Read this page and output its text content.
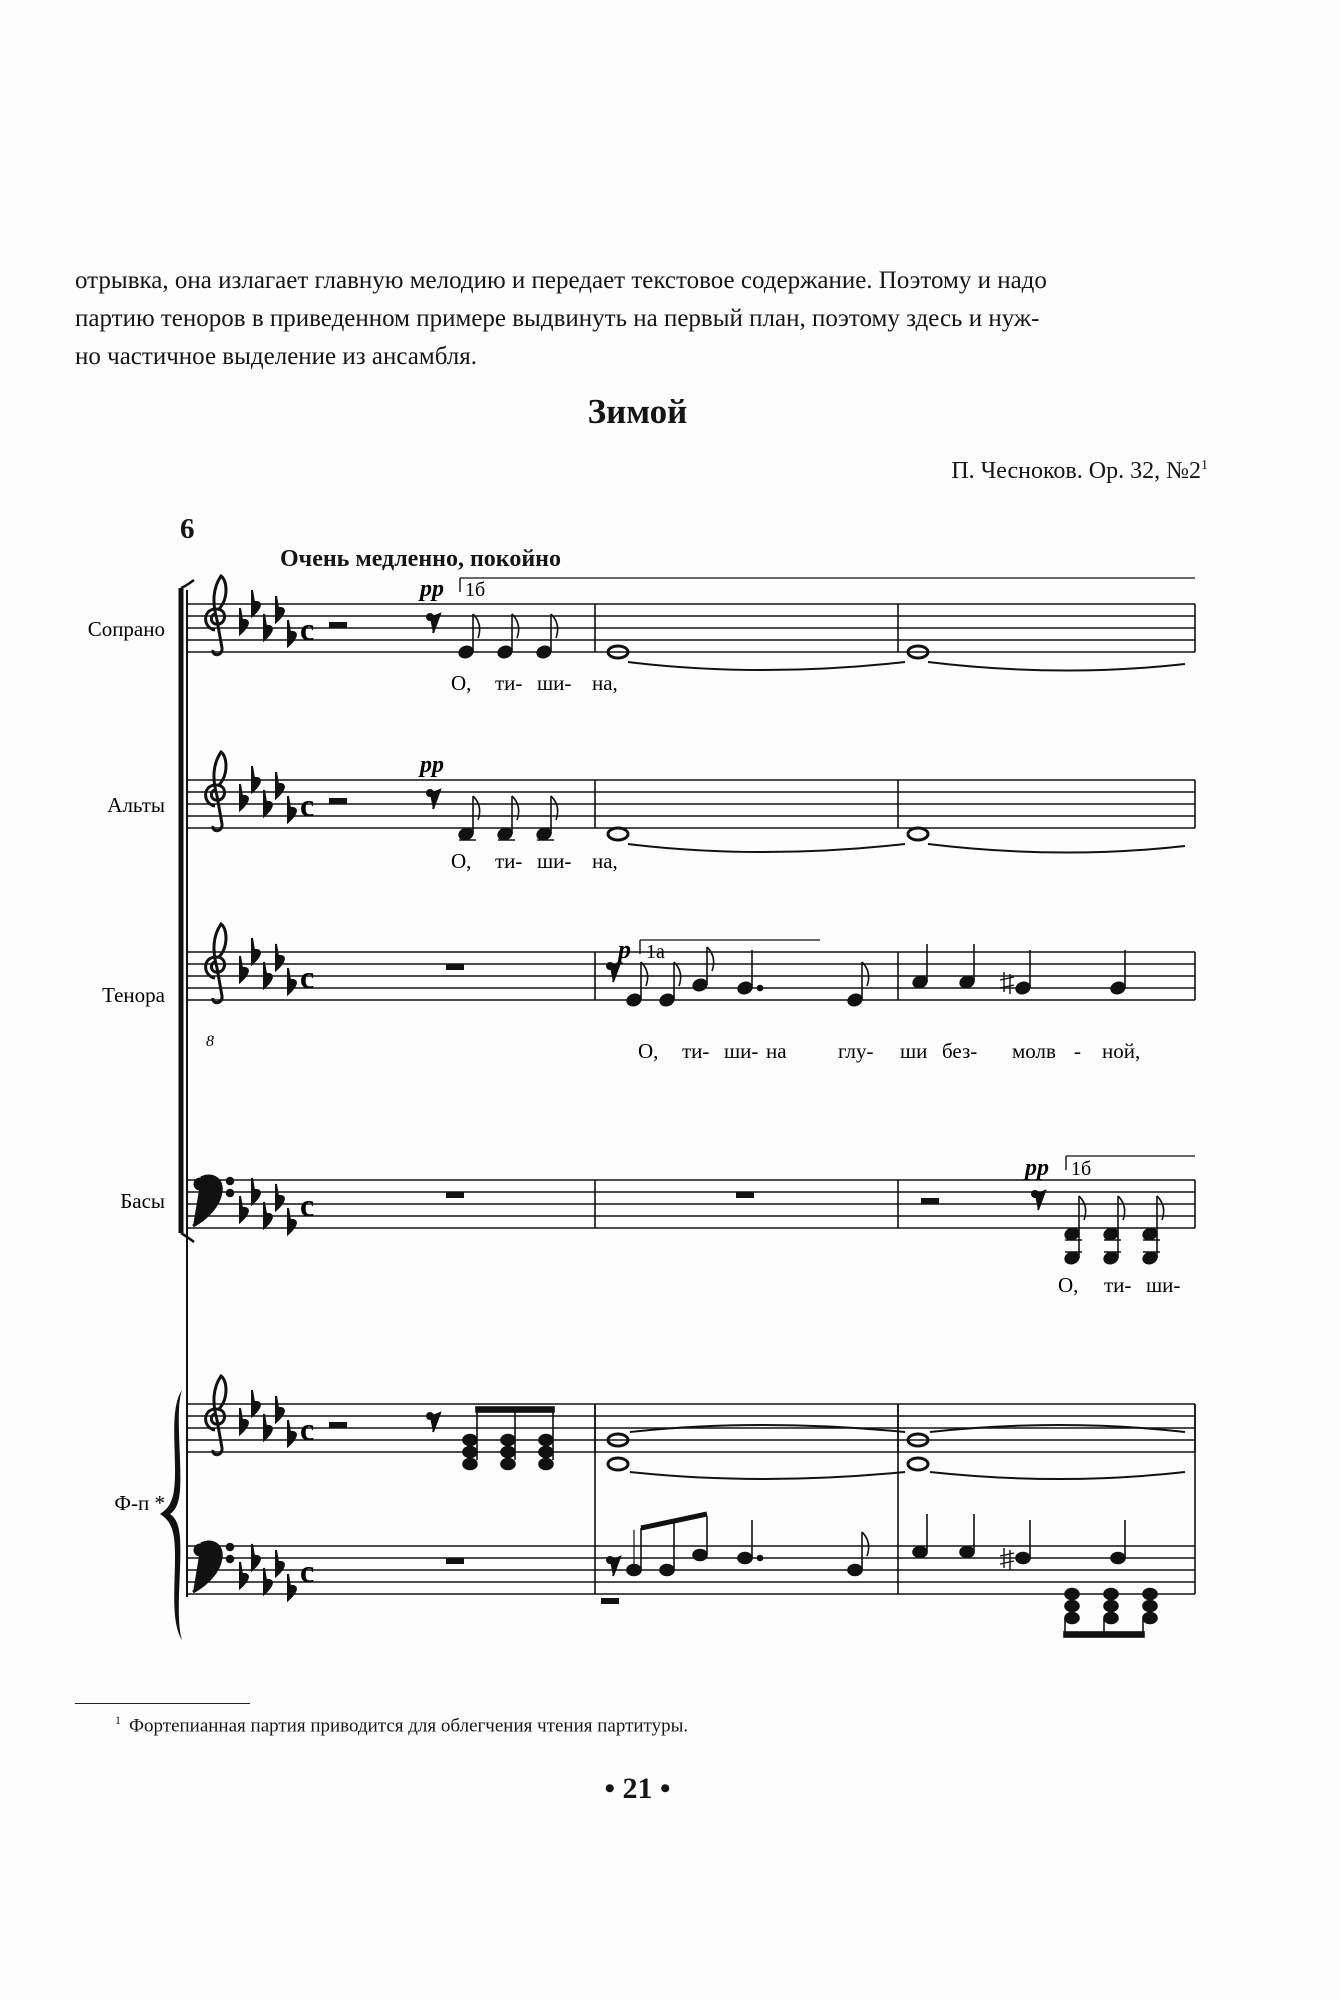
отрывка, она излагает главную мелодию и передает текстовое содержание. Поэтому и надо
партию теноров в приведенном примере выдвинуть на первый план, поэтому здесь и нуж-
но частичное выделение из ансамбля.

Зимой
П. Чесноков. Ор. 32, $№2^1$
6
Очень медленно, покойно
c
pp 1б
О, ти- ши- на,
Сопрано
c
pp
О, ти- ши- на,
Альты
8
c
p 1а
О, ти- ши- на глу- ши без- молв - ной,
Тенора
c
pp 1б
О, ти- ши-
Басы
c
c
Ф-п *
$^1$ Фортепианная партия приводится для облегчения чтения партитуры.
• 21 •
